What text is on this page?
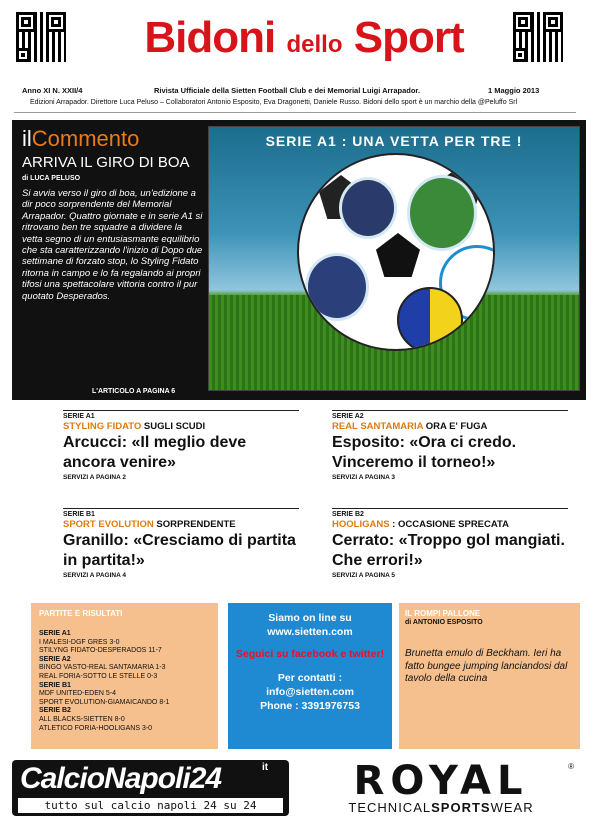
Bidoni dello Sport
Anno XI N. XXII/4	Rivista Ufficiale della Sietten Football Club e dei Memorial Luigi Arrapador.	1 Maggio 2013
Edizioni Arrapador. Direttore Luca Peluso – Collaboratori Antonio Esposito, Eva Dragonetti, Daniele Russo. Bidoni dello sport è un marchio della @Peluffo Srl
ilCommento
ARRIVA IL GIRO DI BOA
di LUCA PELUSO
Si avvia verso il giro di boa, un'edizione a dir poco sorprendente del Memorial Arrapador. Quattro giornate e in serie A1 si ritrovano ben tre squadre a dividere la vetta segno di un entusiasmante equilibrio che sta caratterizzando l'inizio di Dopo due settimane di forzato stop, lo Styling Fidato ritorna in campo e lo fa regalando ai propri tifosi una spettacolare vittoria contro il pur quotato Desperados.
L'ARTICOLO A PAGINA 6
SERIE A1 : UNA VETTA PER TRE !
SERIE A1
STYLING FIDATO SUGLI SCUDI
Arcucci: «Il meglio deve ancora venire»
SERVIZI A PAGINA 2
SERIE A2
REAL SANTAMARIA ORA E' FUGA
Esposito: «Ora ci credo. Vinceremo il torneo!»
SERVIZI A PAGINA 3
SERIE B1
SPORT EVOLUTION SORPRENDENTE
Granillo: «Cresciamo di partita in partita!»
SERVIZI A PAGINA 4
SERIE B2
HOOLIGANS : OCCASIONE SPRECATA
Cerrato: «Troppo gol mangiati. Che errori!»
SERVIZI A PAGINA 5
PARTITE E RISULTATI
SERIE A1
I MALESI-DGF GRES 3-0
STILYNG FIDATO-DESPERADOS 11-7
SERIE A2
BINGO VASTO-REAL SANTAMARIA 1-3
REAL FORIA-SOTTO LE STELLE 0-3
SERIE B1
MDF UNITED-EDEN 5-4
SPORT EVOLUTION-GIAMAICANDO 8-1
SERIE B2
ALL BLACKS-SIETTEN 8-0
ATLETICO FORIA-HOOLIGANS 3-0
Siamo on line su
www.sietten.com
Seguici su facebook e twitter!
Per contatti :
info@sietten.com
Phone : 3391976753
IL ROMPI PALLONE
di ANTONIO ESPOSITO
Brunetta emulo di Beckham. Ieri ha fatto bungee jumping lanciandosi dal tavolo della cucina
CalcioNapoli24	it
tutto sul calcio napoli 24 su 24
®
ROYAL
TECHNICALSPORTSWEAR
